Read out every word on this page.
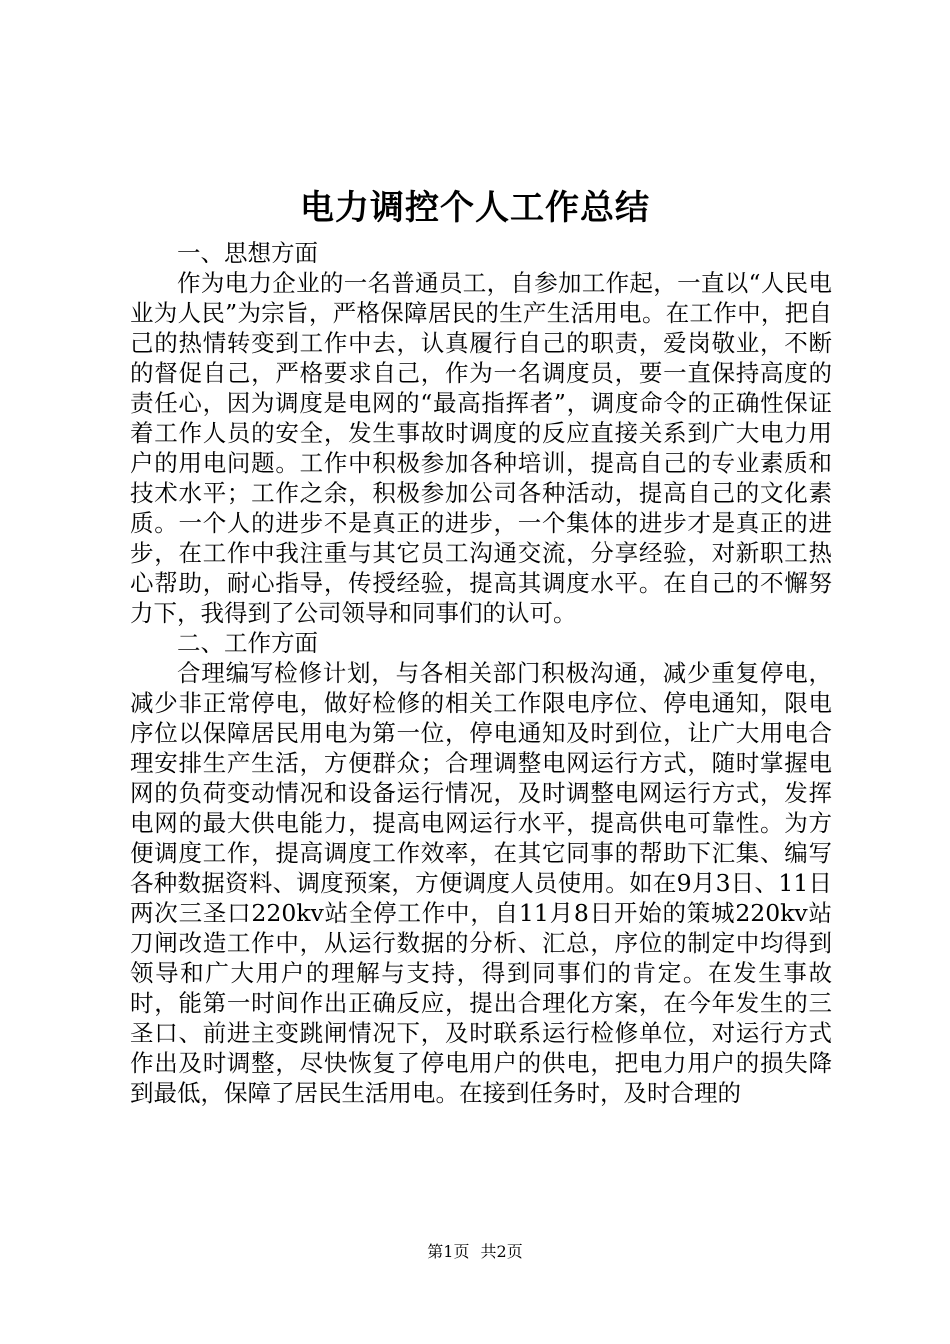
电力调控个人工作总结

一、思想方面

作为电力企业的一名普通员工，自参加工作起，一直以“人民电业为人民”为宗旨，严格保障居民的生产生活用电。在工作中，把自己的热情转变到工作中去，认真履行自己的职责，爱岗敬业，不断的督促自己，严格要求自己，作为一名调度员，要一直保持高度的责任心，因为调度是电网的“最高指挥者”，调度命令的正确性保证着工作人员的安全，发生事故时调度的反应直接关系到广大电力用户的用电问题。工作中积极参加各种培训，提高自己的专业素质和技术水平；工作之余，积极参加公司各种活动，提高自己的文化素质。一个人的进步不是真正的进步，一个集体的进步才是真正的进步，在工作中我注重与其它员工沟通交流，分享经验，对新职工热心帮助，耐心指导，传授经验，提高其调度水平。在自己的不懈努力下，我得到了公司领导和同事们的认可。

二、工作方面

合理编写检修计划，与各相关部门积极沟通，减少重复停电，减少非正常停电，做好检修的相关工作限电序位、停电通知，限电序位以保障居民用电为第一位，停电通知及时到位，让广大用电合理安排生产生活，方便群众；合理调整电网运行方式，随时掌握电网的负荷变动情况和设备运行情况，及时调整电网运行方式，发挥电网的最大供电能力，提高电网运行水平，提高供电可靠性。为方便调度工作，提高调度工作效率，在其它同事的帮助下汇集、编写各种数据资料、调度预案，方便调度人员使用。如在9月3日、11日两次三圣口220kv站全停工作中，自11月8日开始的策城220kv站刀闸改造工作中，从运行数据的分析、汇总，序位的制定中均得到领导和广大用户的理解与支持，得到同事们的肯定。在发生事故时，能第一时间作出正确反应，提出合理化方案，在今年发生的三圣口、前进主变跳闸情况下，及时联系运行检修单位，对运行方式作出及时调整，尽快恢复了停电用户的供电，把电力用户的损失降到最低，保障了居民生活用电。在接到任务时，及时合理的

第1页 共2页
